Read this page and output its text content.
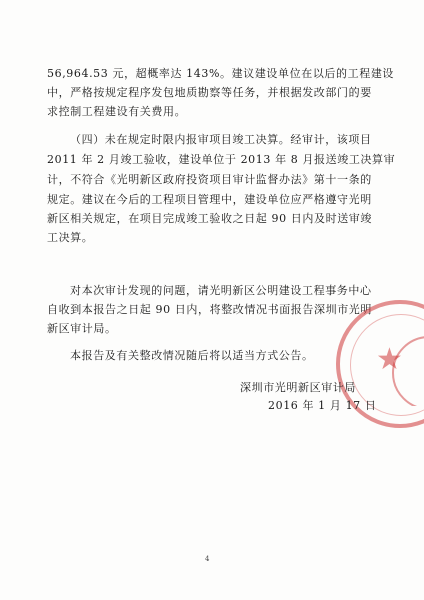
56,964.53 元，超概率达 143%。建议建设单位在以后的工程建设
中，严格按规定程序发包地质勘察等任务，并根据发改部门的要
求控制工程建设有关费用。
（四）未在规定时限内报审项目竣工决算。经审计，该项目
2011 年 2 月竣工验收，建设单位于 2013 年 8 月报送竣工决算审
计，不符合《光明新区政府投资项目审计监督办法》第十一条的
规定。建议在今后的工程项目管理中，建设单位应严格遵守光明
新区相关规定，在项目完成竣工验收之日起 90 日内及时送审竣
工决算。
对本次审计发现的问题，请光明新区公明建设工程事务中心
自收到本报告之日起 90 日内，将整改情况书面报告深圳市光明
新区审计局。
本报告及有关整改情况随后将以适当方式公告。 ★
深圳市光明新区审计局
2016 年 1 月 17 日
4
